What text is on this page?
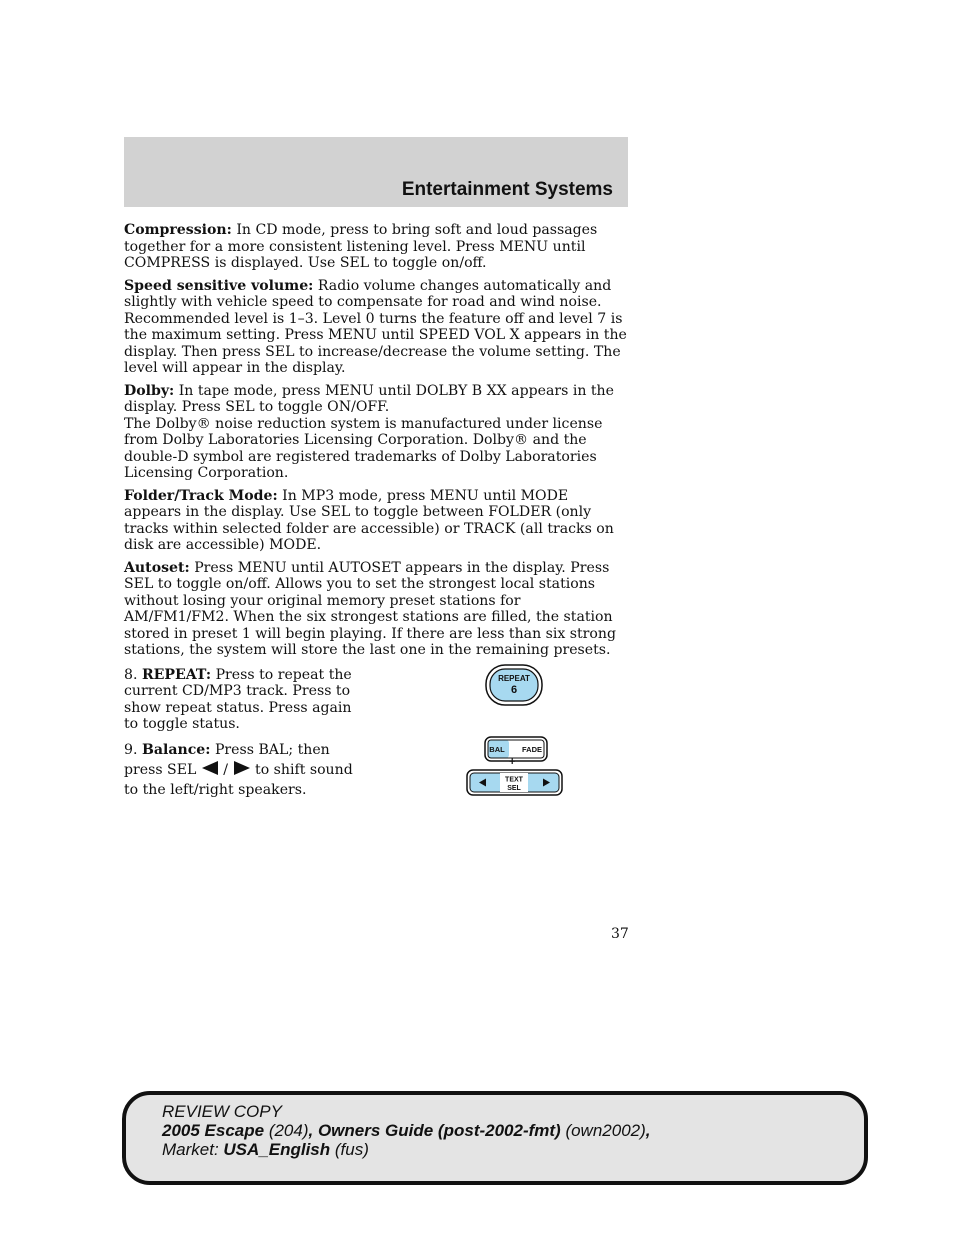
Entertainment Systems

Compression: In CD mode, press to bring soft and loud passages together for a more consistent listening level. Press MENU until COMPRESS is displayed. Use SEL to toggle on/off.

Speed sensitive volume: Radio volume changes automatically and slightly with vehicle speed to compensate for road and wind noise. Recommended level is 1–3. Level 0 turns the feature off and level 7 is the maximum setting. Press MENU until SPEED VOL X appears in the display. Then press SEL to increase/decrease the volume setting. The level will appear in the display.

Dolby: In tape mode, press MENU until DOLBY B XX appears in the display. Press SEL to toggle ON/OFF.
The Dolby® noise reduction system is manufactured under license from Dolby Laboratories Licensing Corporation. Dolby® and the double-D symbol are registered trademarks of Dolby Laboratories Licensing Corporation.

Folder/Track Mode: In MP3 mode, press MENU until MODE appears in the display. Use SEL to toggle between FOLDER (only tracks within selected folder are accessible) or TRACK (all tracks on disk are accessible) MODE.

Autoset: Press MENU until AUTOSET appears in the display. Press SEL to toggle on/off. Allows you to set the strongest local stations without losing your original memory preset stations for AM/FM1/FM2. When the six strongest stations are filled, the station stored in preset 1 will begin playing. If there are less than six strong stations, the system will store the last one in the remaining presets.

8. REPEAT: Press to repeat the current CD/MP3 track. Press to show repeat status. Press again to toggle status.

9. Balance: Press BAL; then press SEL  /  to shift sound to the left/right speakers.

REPEAT
6
BAL FADE
+
TEXT
SEL
37
REVIEW COPY
2005 Escape (204), Owners Guide (post-2002-fmt) (own2002),
Market: USA_English (fus)
